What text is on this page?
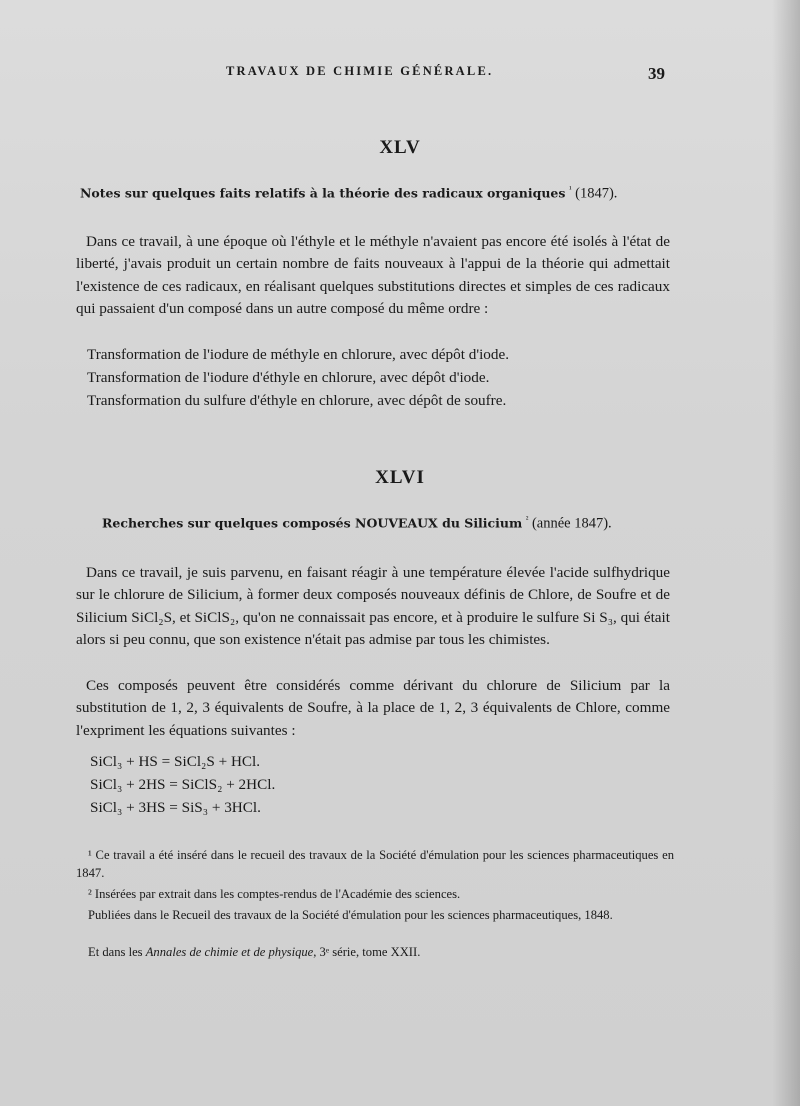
TRAVAUX DE CHIMIE GÉNÉRALE.	39
XLV
Notes sur quelques faits relatifs à la théorie des radicaux organiques $^{^1}$ (1847).
Dans ce travail, à une époque où l'éthyle et le méthyle n'avaient pas encore été isolés à l'état de liberté, j'avais produit un certain nombre de faits nouveaux à l'appui de la théorie qui admettait l'existence de ces radicaux, en réalisant quelques substitutions directes et simples de ces radicaux qui passaient d'un composé dans un autre composé du même ordre :
Transformation de l'iodure de méthyle en chlorure, avec dépôt d'iode.
Transformation de l'iodure d'éthyle en chlorure, avec dépôt d'iode.
Transformation du sulfure d'éthyle en chlorure, avec dépôt de soufre.
XLVI
Recherches sur quelques composés NOUVEAUX du Silicium $^{^2}$ (année 1847).
Dans ce travail, je suis parvenu, en faisant réagir à une température élevée l'acide sulfhydrique sur le chlorure de Silicium, à former deux composés nouveaux définis de Chlore, de Soufre et de Silicium SiCl₂S, et SiClS₂, qu'on ne connaissait pas encore, et à produire le sulfure Si S₃, qui était alors si peu connu, que son existence n'était pas admise par tous les chimistes.
Ces composés peuvent être considérés comme dérivant du chlorure de Silicium par la substitution de 1, 2, 3 équivalents de Soufre, à la place de 1, 2, 3 équivalents de Chlore, comme l'expriment les équations suivantes :
SiCl₃ + HS = SiCl₂S + HCl.
SiCl₃ + 2HS = SiClS₂ + 2HCl.
SiCl₃ + 3HS = SiS₃ + 3HCl.
¹ Ce travail a été inséré dans le recueil des travaux de la Société d'émulation pour les sciences pharmaceutiques en 1847.
² Insérées par extrait dans les comptes-rendus de l'Académie des sciences.
Publiées dans le Recueil des travaux de la Société d'émulation pour les sciences pharmaceutiques, 1848.
Et dans les Annales de chimie et de physique, 3ᵉ série, tome XXII.
